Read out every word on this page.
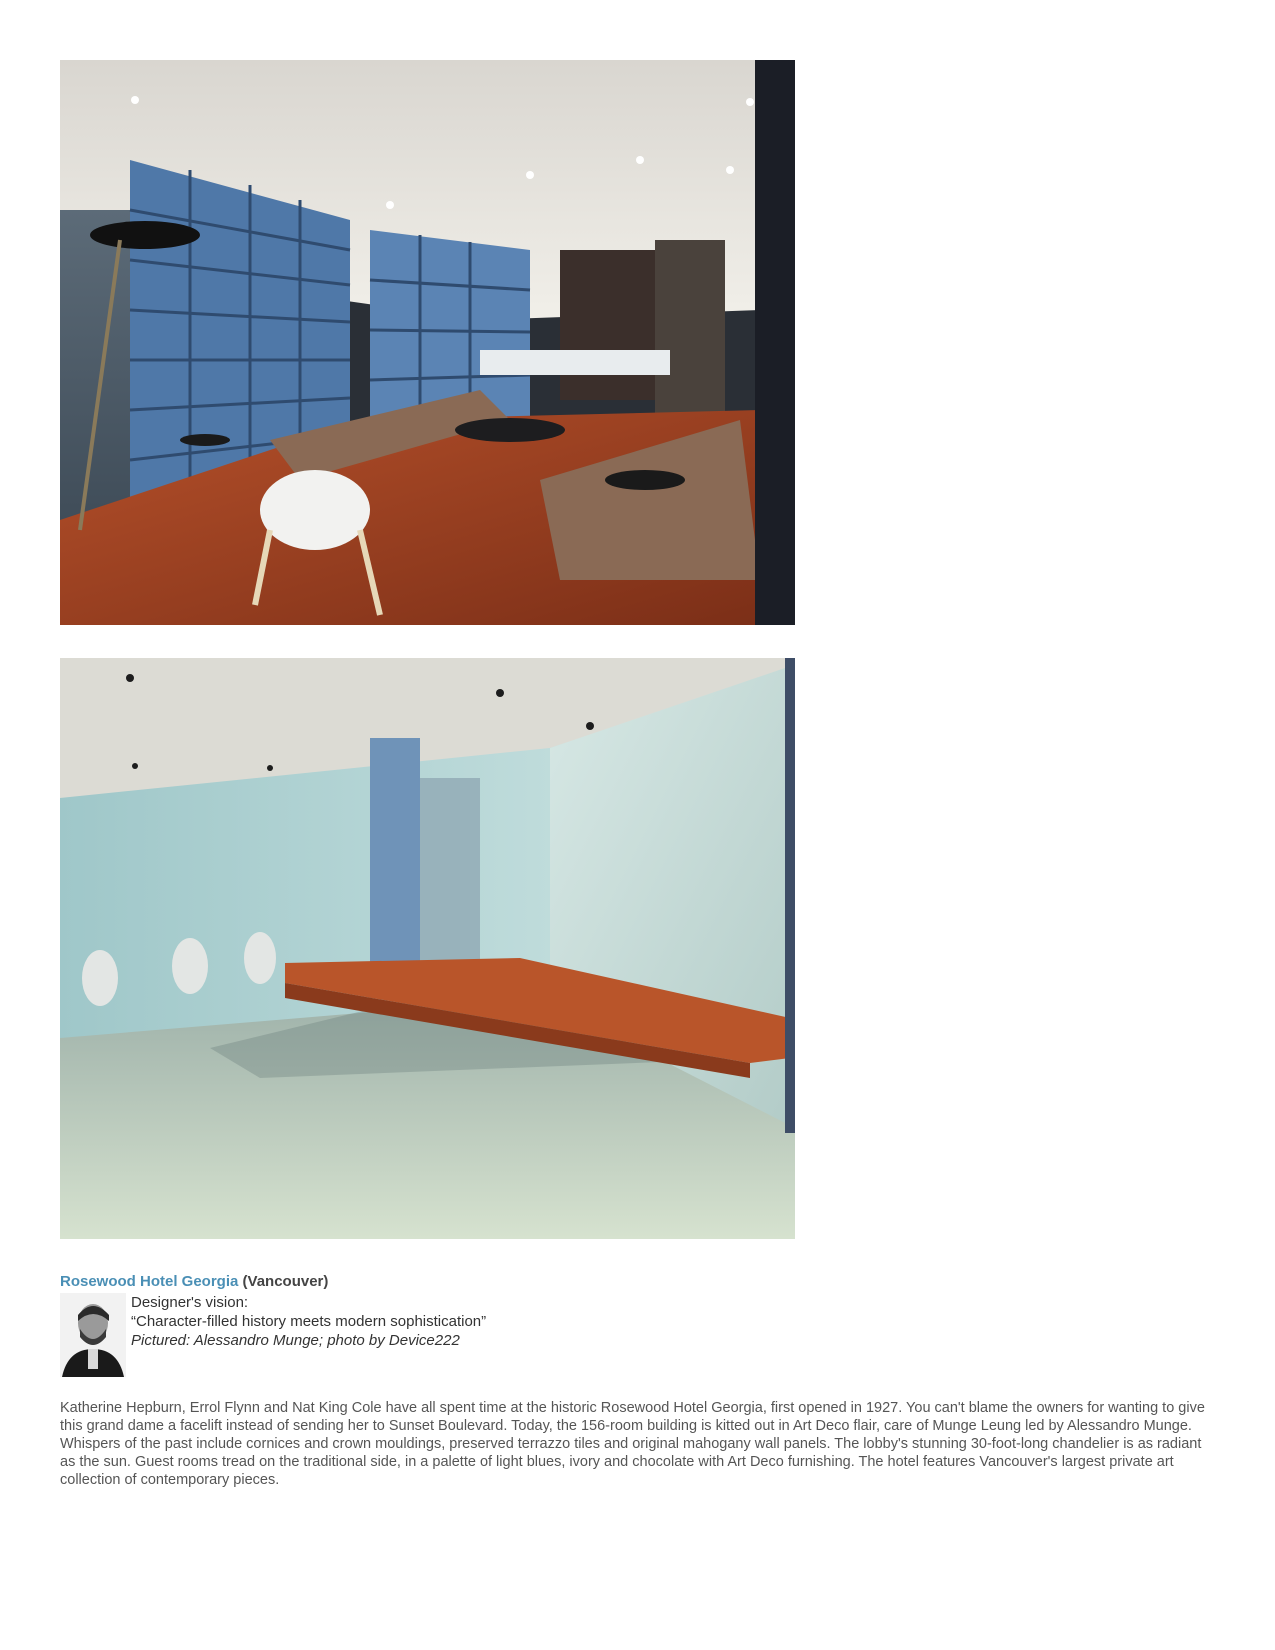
Rosewood Hotel Georgia (Vancouver)
Designer's vision:
“Character-filled history meets modern sophistication”
Pictured: Alessandro Munge; photo by Device222

Katherine Hepburn, Errol Flynn and Nat King Cole have all spent time at the historic Rosewood Hotel Georgia, first opened in 1927. You can't blame the owners for wanting to give this grand dame a facelift instead of sending her to Sunset Boulevard. Today, the 156-room building is kitted out in Art Deco flair, care of Munge Leung led by Alessandro Munge. Whispers of the past include cornices and crown mouldings, preserved terrazzo tiles and original mahogany wall panels. The lobby's stunning 30-foot-long chandelier is as radiant as the sun. Guest rooms tread on the traditional side, in a palette of light blues, ivory and chocolate with Art Deco furnishing. The hotel features Vancouver's largest private art collection of contemporary pieces.
